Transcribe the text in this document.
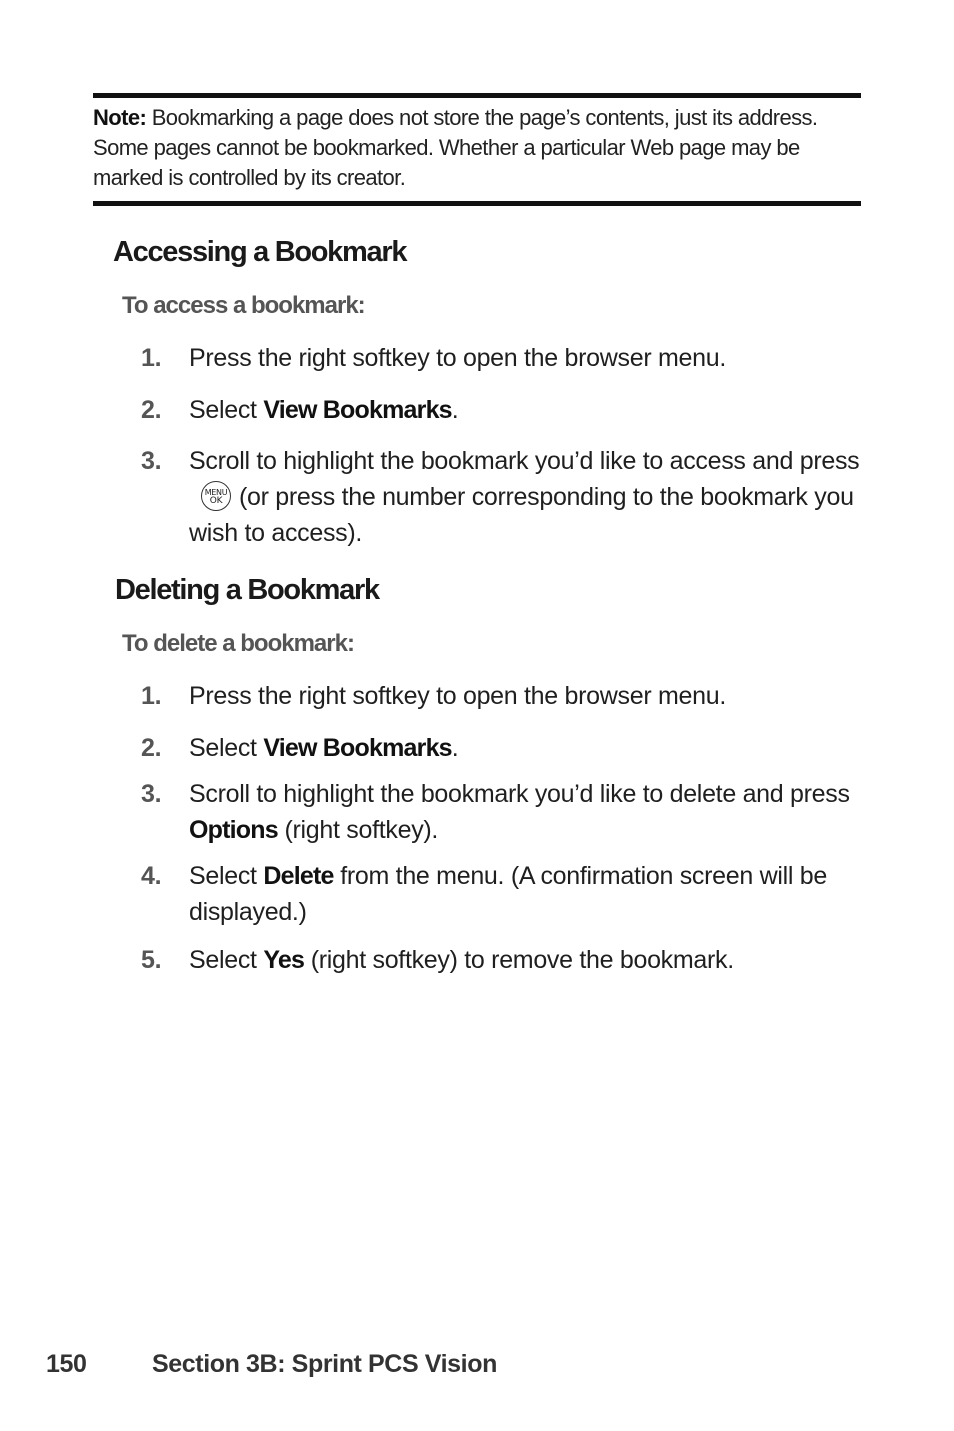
Note: Bookmarking a page does not store the page’s contents, just its address. Some pages cannot be bookmarked. Whether a particular Web page may be marked is controlled by its creator.
Accessing a Bookmark
To access a bookmark:
1. Press the right softkey to open the browser menu.
2. Select View Bookmarks.
3. Scroll to highlight the bookmark you’d like to access and press
MENU
OK (or press the number corresponding to the bookmark you wish to access).
Deleting a Bookmark
To delete a bookmark:
1. Press the right softkey to open the browser menu.
2. Select View Bookmarks.
3. Scroll to highlight the bookmark you’d like to delete and press Options (right softkey).
4. Select Delete from the menu. (A confirmation screen will be displayed.)
5. Select Yes (right softkey) to remove the bookmark.
150	Section 3B: Sprint PCS Vision
